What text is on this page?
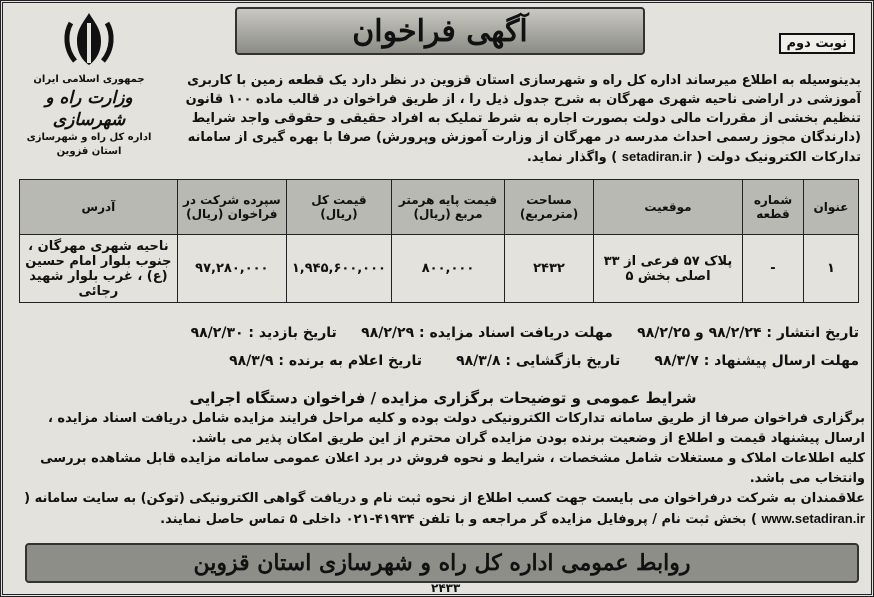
جمهوری اسلامی ایران
وزارت راه و شهرسازی
اداره کل راه و شهرسازی استان قزوین
آگهی فراخوان	نوبت دوم
بدینوسیله به اطلاع میرساند اداره کل راه و شهرسازی استان قزوین در نظر دارد یک قطعه زمین با کاربری آموزشی در اراضی ناحیه شهری مهرگان به شرح جدول ذیل را ، از طریق فراخوان در قالب ماده ۱۰۰ قانون تنظیم بخشی از مقررات مالی دولت بصورت اجاره به شرط تملیک به افراد حقیقی و حقوقی واجد شرایط (دارندگان مجوز رسمی احداث مدرسه در مهرگان از وزارت آموزش وپرورش) صرفا با بهره گیری از سامانه تدارکات الکترونیک دولت ( setadiran.ir ) واگذار نماید.
عنوان	شماره قطعه	موقعیت	مساحت (مترمربع)	قیمت پایه هرمتر مربع (ریال)	قیمت کل (ریال)	سپرده شرکت در فراخوان (ریال)	آدرس
۱	-	پلاک ۵۷ فرعی از ۳۳ اصلی بخش ۵	۲۴۳۲	۸۰۰,۰۰۰	۱,۹۴۵,۶۰۰,۰۰۰	۹۷,۲۸۰,۰۰۰	ناحیه شهری مهرگان ، جنوب بلوار امام حسین (ع) ، غرب بلوار شهید رجائی
تاریخ انتشار : ۹۸/۲/۲۴ و ۹۸/۲/۲۵     مهلت دریافت اسناد مزایده : ۹۸/۲/۲۹     تاریخ بازدید : ۹۸/۲/۳۰
مهلت ارسال پیشنهاد : ۹۸/۳/۷       تاریخ بازگشایی : ۹۸/۳/۸       تاریخ اعلام به برنده : ۹۸/۳/۹
شرایط عمومی و توضیحات برگزاری مزایده / فراخوان دستگاه اجرایی
برگزاری فراخوان صرفا از طریق سامانه تدارکات الکترونیکی دولت بوده و کلیه مراحل فرایند مزایده شامل دریافت اسناد مزایده ، ارسال پیشنهاد قیمت و اطلاع از وضعیت برنده بودن مزایده گران محترم از این طریق امکان پذیر می باشد.
کلیه اطلاعات املاک و مستغلات شامل مشخصات ، شرایط و نحوه فروش در برد اعلان عمومی سامانه مزایده قابل مشاهده بررسی وانتخاب می باشد.
علاقمندان به شرکت درفراخوان می بایست جهت کسب اطلاع از نحوه ثبت نام و دریافت گواهی الکترونیکی (توکن) به سایت سامانه ( www.setadiran.ir ) بخش ثبت نام / پروفایل مزایده گر مراجعه و با تلفن ۴۱۹۳۴-۰۲۱ داخلی ۵ تماس حاصل نمایند.
روابط عمومی اداره کل راه و شهرسازی استان قزوین
۲۴۳۳
